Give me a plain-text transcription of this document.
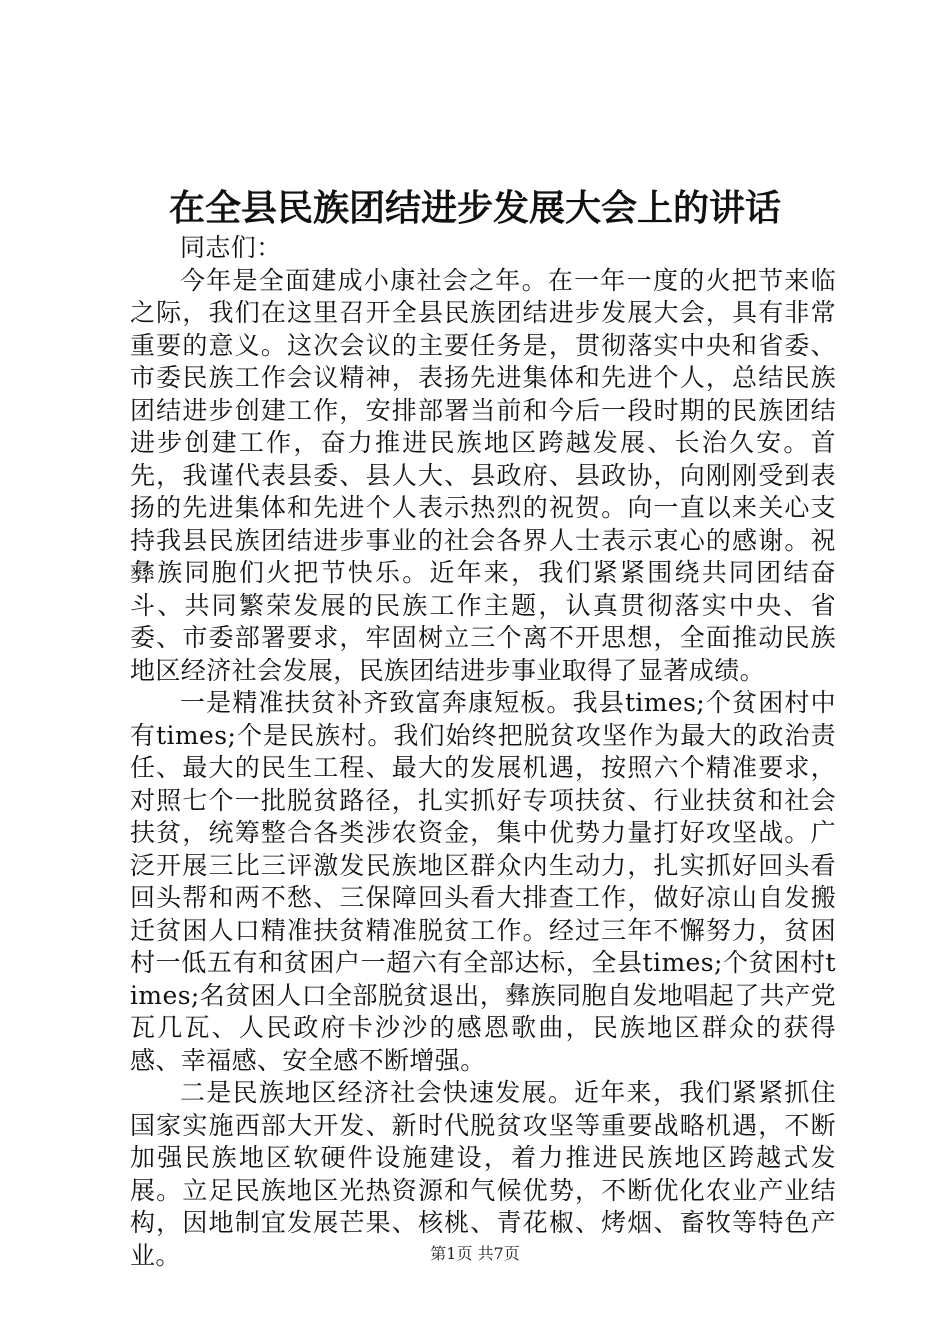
在全县民族团结进步发展大会上的讲话

同志们：

今年是全面建成小康社会之年。在一年一度的火把节来临之际，我们在这里召开全县民族团结进步发展大会，具有非常重要的意义。这次会议的主要任务是，贯彻落实中央和省委、市委民族工作会议精神，表扬先进集体和先进个人，总结民族团结进步创建工作，安排部署当前和今后一段时期的民族团结进步创建工作，奋力推进民族地区跨越发展、长治久安。首先，我谨代表县委、县人大、县政府、县政协，向刚刚受到表扬的先进集体和先进个人表示热烈的祝贺。向一直以来关心支持我县民族团结进步事业的社会各界人士表示衷心的感谢。祝彝族同胞们火把节快乐。近年来，我们紧紧围绕共同团结奋斗、共同繁荣发展的民族工作主题，认真贯彻落实中央、省委、市委部署要求，牢固树立三个离不开思想，全面推动民族地区经济社会发展，民族团结进步事业取得了显著成绩。

一是精准扶贫补齐致富奔康短板。我县times;个贫困村中有times;个是民族村。我们始终把脱贫攻坚作为最大的政治责任、最大的民生工程、最大的发展机遇，按照六个精准要求，对照七个一批脱贫路径，扎实抓好专项扶贫、行业扶贫和社会扶贫，统筹整合各类涉农资金，集中优势力量打好攻坚战。广泛开展三比三评激发民族地区群众内生动力，扎实抓好回头看回头帮和两不愁、三保障回头看大排查工作，做好凉山自发搬迁贫困人口精准扶贫精准脱贫工作。经过三年不懈努力，贫困村一低五有和贫困户一超六有全部达标，全县times;个贫困村times;名贫困人口全部脱贫退出，彝族同胞自发地唱起了共产党瓦几瓦、人民政府卡沙沙的感恩歌曲，民族地区群众的获得感、幸福感、安全感不断增强。

二是民族地区经济社会快速发展。近年来，我们紧紧抓住国家实施西部大开发、新时代脱贫攻坚等重要战略机遇，不断加强民族地区软硬件设施建设，着力推进民族地区跨越式发展。立足民族地区光热资源和气候优势，不断优化农业产业结构，因地制宜发展芒果、核桃、青花椒、烤烟、畜牧等特色产业。	第1页 共7页
